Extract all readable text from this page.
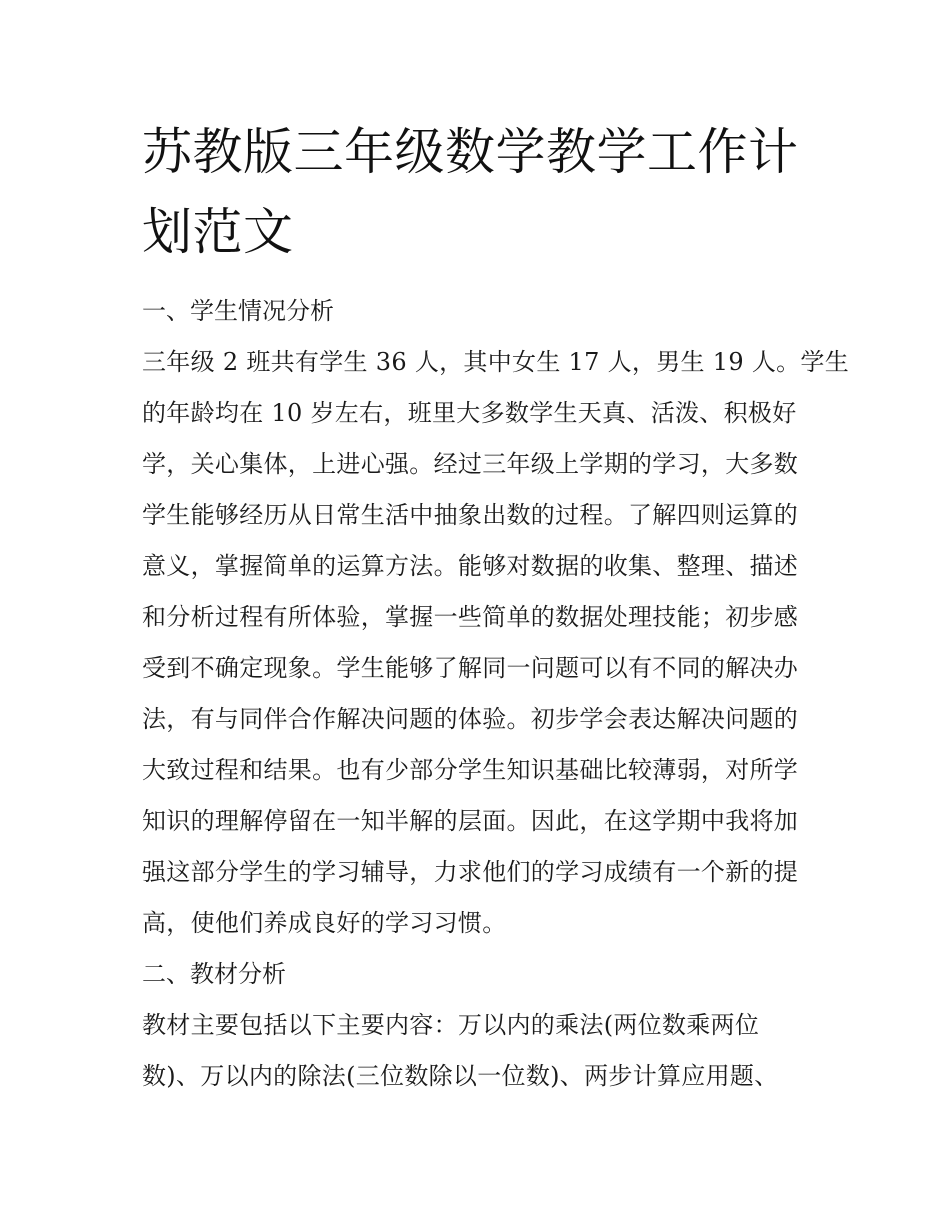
苏教版三年级数学教学工作计
划范文
一、学生情况分析

三年级 2 班共有学生 36 人，其中女生 17 人，男生 19 人。学生
的年龄均在 10 岁左右，班里大多数学生天真、活泼、积极好
学，关心集体，上进心强。经过三年级上学期的学习，大多数
学生能够经历从日常生活中抽象出数的过程。了解四则运算的
意义，掌握简单的运算方法。能够对数据的收集、整理、描述
和分析过程有所体验，掌握一些简单的数据处理技能；初步感
受到不确定现象。学生能够了解同一问题可以有不同的解决办
法，有与同伴合作解决问题的体验。初步学会表达解决问题的
大致过程和结果。也有少部分学生知识基础比较薄弱，对所学
知识的理解停留在一知半解的层面。因此，在这学期中我将加
强这部分学生的学习辅导，力求他们的学习成绩有一个新的提
高，使他们养成良好的学习习惯。

二、教材分析

教材主要包括以下主要内容：万以内的乘法(两位数乘两位
数)、万以内的除法(三位数除以一位数)、两步计算应用题、
